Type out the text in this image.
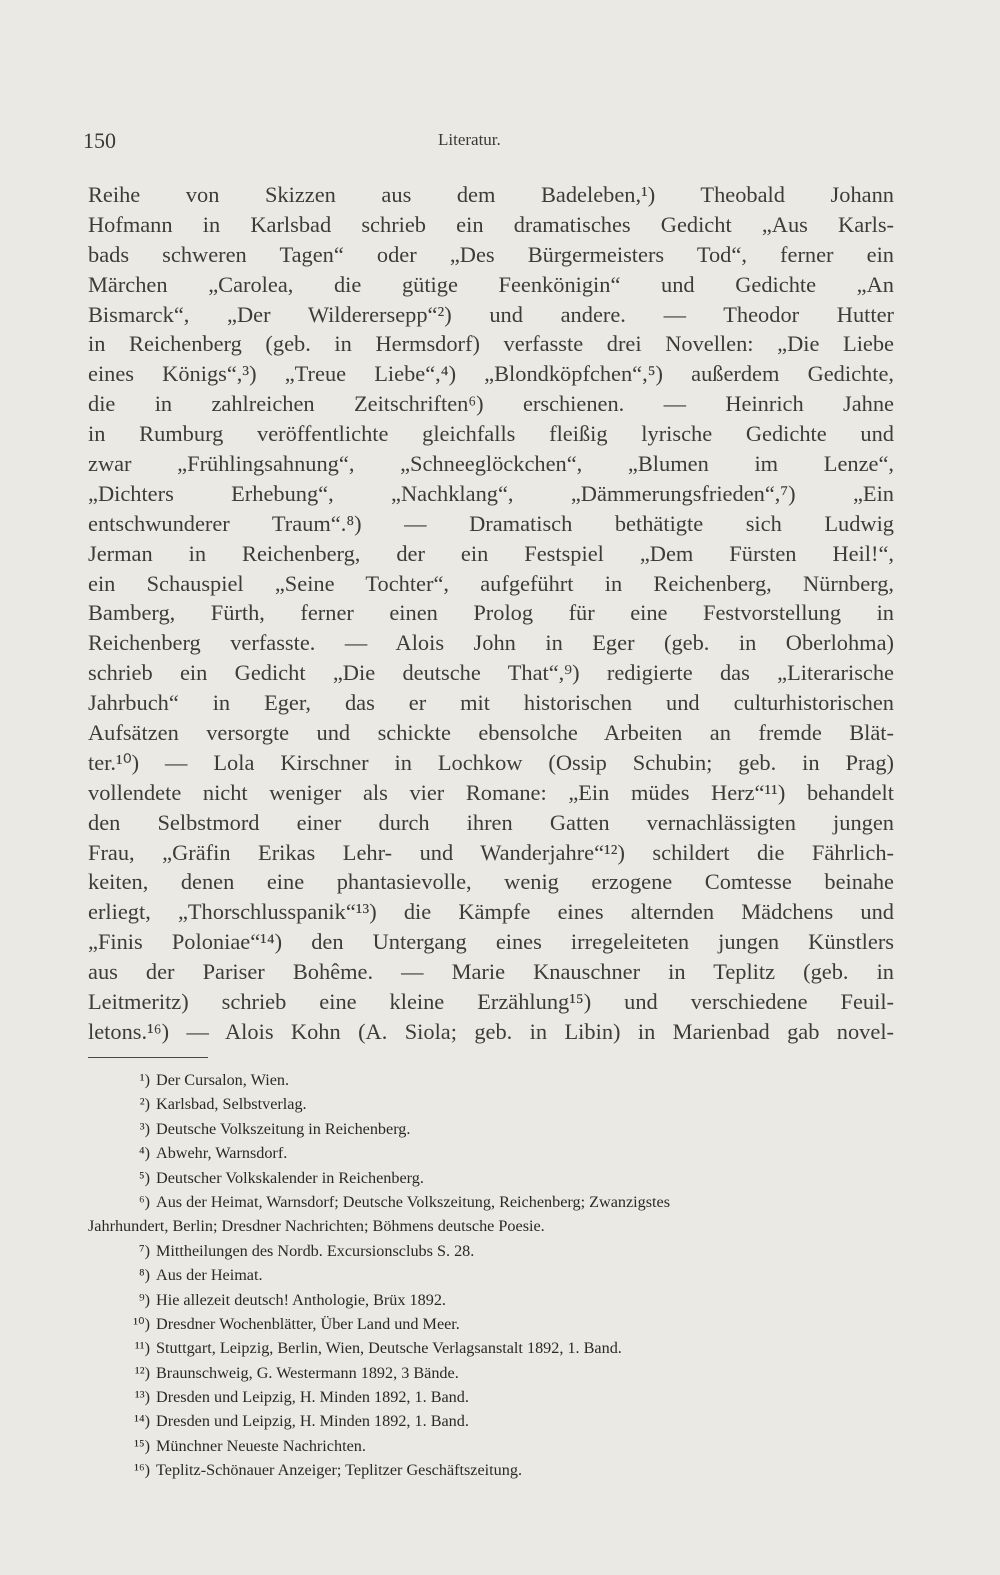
150	Literatur.
Reihe von Skizzen aus dem Badeleben,¹) Theobald Johann
Hofmann in Karlsbad schrieb ein dramatisches Gedicht „Aus Karls-
bads schweren Tagen“ oder „Des Bürgermeisters Tod“, ferner ein
Märchen „Carolea, die gütige Feenkönigin“ und Gedichte „An
Bismarck“, „Der Wilderersepp“²) und andere. — Theodor Hutter
in Reichenberg (geb. in Hermsdorf) verfasste drei Novellen: „Die Liebe
eines Königs“,³) „Treue Liebe“,⁴) „Blondköpfchen“,⁵) außerdem Gedichte,
die in zahlreichen Zeitschriften⁶) erschienen. — Heinrich Jahne
in Rumburg veröffentlichte gleichfalls fleißig lyrische Gedichte und
zwar „Frühlingsahnung“, „Schneeglöckchen“, „Blumen im Lenze“,
„Dichters Erhebung“, „Nachklang“, „Dämmerungsfrieden“,⁷) „Ein
entschwunderer Traum“.⁸) — Dramatisch bethätigte sich Ludwig
Jerman in Reichenberg, der ein Festspiel „Dem Fürsten Heil!“,
ein Schauspiel „Seine Tochter“, aufgeführt in Reichenberg, Nürnberg,
Bamberg, Fürth, ferner einen Prolog für eine Festvorstellung in
Reichenberg verfasste. — Alois John in Eger (geb. in Oberlohma)
schrieb ein Gedicht „Die deutsche That“,⁹) redigierte das „Literarische
Jahrbuch“ in Eger, das er mit historischen und culturhistorischen
Aufsätzen versorgte und schickte ebensolche Arbeiten an fremde Blät-
ter.¹⁰) — Lola Kirschner in Lochkow (Ossip Schubin; geb. in Prag)
vollendete nicht weniger als vier Romane: „Ein müdes Herz“¹¹) behandelt
den Selbstmord einer durch ihren Gatten vernachlässigten jungen
Frau, „Gräfin Erikas Lehr- und Wanderjahre“¹²) schildert die Fährlich-
keiten, denen eine phantasievolle, wenig erzogene Comtesse beinahe
erliegt, „Thorschlusspanik“¹³) die Kämpfe eines alternden Mädchens und
„Finis Poloniae“¹⁴) den Untergang eines irregeleiteten jungen Künstlers
aus der Pariser Bohême. — Marie Knauschner in Teplitz (geb. in
Leitmeritz) schrieb eine kleine Erzählung¹⁵) und verschiedene Feuil-
letons.¹⁶) — Alois Kohn (A. Siola; geb. in Libin) in Marienbad gab novel-
¹) Der Cursalon, Wien.
²) Karlsbad, Selbstverlag.
³) Deutsche Volkszeitung in Reichenberg.
⁴) Abwehr, Warnsdorf.
⁵) Deutscher Volkskalender in Reichenberg.
⁶) Aus der Heimat, Warnsdorf; Deutsche Volkszeitung, Reichenberg; Zwanzigstes
Jahrhundert, Berlin; Dresdner Nachrichten; Böhmens deutsche Poesie.
⁷) Mittheilungen des Nordb. Excursionsclubs S. 28.
⁸) Aus der Heimat.
⁹) Hie allezeit deutsch! Anthologie, Brüx 1892.
¹⁰) Dresdner Wochenblätter, Über Land und Meer.
¹¹) Stuttgart, Leipzig, Berlin, Wien, Deutsche Verlagsanstalt 1892, 1. Band.
¹²) Braunschweig, G. Westermann 1892, 3 Bände.
¹³) Dresden und Leipzig, H. Minden 1892, 1. Band.
¹⁴) Dresden und Leipzig, H. Minden 1892, 1. Band.
¹⁵) Münchner Neueste Nachrichten.
¹⁶) Teplitz-Schönauer Anzeiger; Teplitzer Geschäftszeitung.
